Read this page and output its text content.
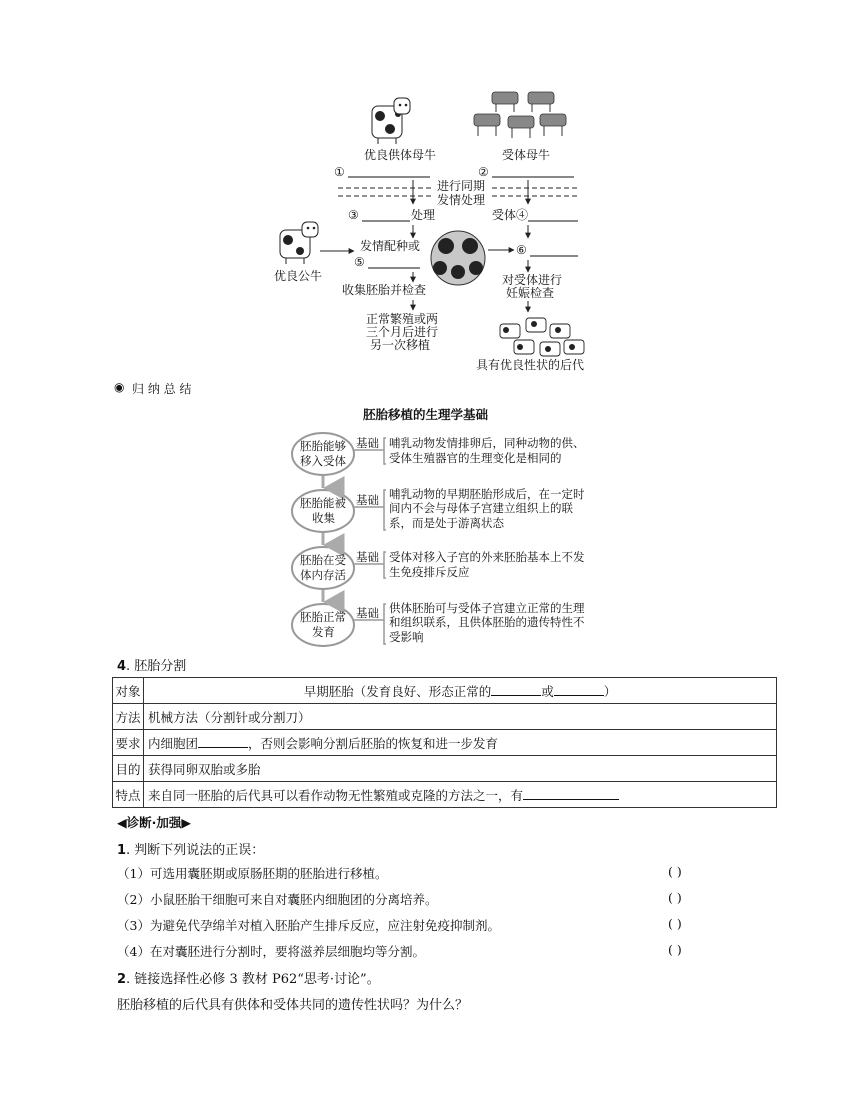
优良供体母牛	受体母牛
①	②
进行同期
发情处理
③	处理	受体④
优良公牛
发情配种或
⑤
⑥
收集胚胎并检查
对受体进行
妊娠检查
正常繁殖或两
三个月后进行
另一次移植
具有优良性状的后代
◉ 归 纳 总 结
胚胎移植的生理学基础
胚胎能够
移入受体
胚胎能被
收集
胚胎在受
体内存活
胚胎正常
发育
基础
基础
基础
基础
哺乳动物发情排卵后，同种动物的供、
受体生殖器官的生理变化是相同的
哺乳动物的早期胚胎形成后，在一定时
间内不会与母体子宫建立组织上的联
系，而是处于游离状态
受体对移入子宫的外来胚胎基本上不发
生免疫排斥反应
供体胚胎可与受体子宫建立正常的生理
和组织联系，且供体胚胎的遗传特性不
受影响
4. 胚胎分割
对象	早期胚胎（发育良好、形态正常的 或 ）
方法	机械方法（分割针或分割刀）
要求	内细胞团 ，否则会影响分割后胚胎的恢复和进一步发育
目的	获得同卵双胎或多胎
特点	来自同一胚胎的后代具可以看作动物无性繁殖或克隆的方法之一，有
◀诊断·加强▶
1. 判断下列说法的正误：
（1）可选用囊胚期或原肠胚期的胚胎进行移植。	( )
（2）小鼠胚胎干细胞可来自对囊胚内细胞团的分离培养。	( )
（3）为避免代孕绵羊对植入胚胎产生排斥反应，应注射免疫抑制剂。	( )
（4）在对囊胚进行分割时，要将滋养层细胞均等分割。	( )
2. 链接选择性必修 3 教材 P62“思考·讨论”。
胚胎移植的后代具有供体和受体共同的遗传性状吗？为什么？
